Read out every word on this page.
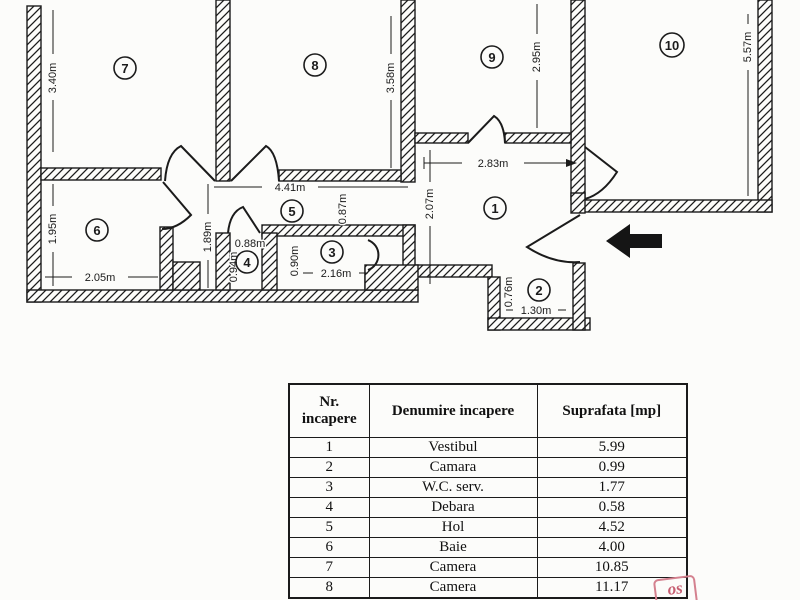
3.40m	3.58m
2.95m	5.57m
4.41m
2.83m
2.07m
1.89m
0.87m
1.95m
2.05m
0.88m
0.94m	0.90m 2.16m
0.76m
1.30m
1
2
3
4
5
6
7	8
9
10
Nr. incapere	Denumire incapere	Suprafata [mp]
1	Vestibul	5.99
2	Camara	0.99
3	W.C. serv.	1.77
4	Debara	0.58
5	Hol	4.52
6	Baie	4.00
7	Camera	10.85
8	Camera	11.17 os
